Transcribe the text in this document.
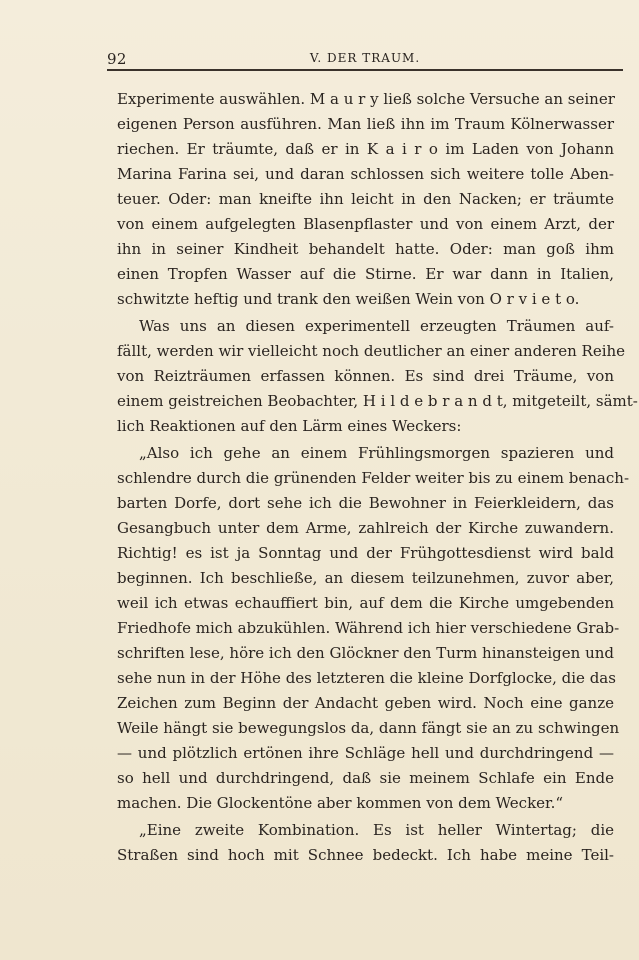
92	V. DER TRAUM.
Experimente auswählen. M a u r y ließ solche Versuche an seiner
eigenen Person ausführen. Man ließ ihn im Traum Kölnerwasser
riechen. Er träumte, daß er in K a i r o im Laden von Johann
Marina Farina sei, und daran schlossen sich weitere tolle Aben-
teuer. Oder: man kneifte ihn leicht in den Nacken; er träumte
von einem aufgelegten Blasenpflaster und von einem Arzt, der
ihn in seiner Kindheit behandelt hatte. Oder: man goß ihm
einen Tropfen Wasser auf die Stirne. Er war dann in Italien,
schwitzte heftig und trank den weißen Wein von O r v i e t o.
Was uns an diesen experimentell erzeugten Träumen auf-
fällt, werden wir vielleicht noch deutlicher an einer anderen Reihe
von Reizträumen erfassen können. Es sind drei Träume, von
einem geistreichen Beobachter, H i l d e b r a n d t, mitgeteilt, sämt-
lich Reaktionen auf den Lärm eines Weckers:
„Also ich gehe an einem Frühlingsmorgen spazieren und
schlendre durch die grünenden Felder weiter bis zu einem benach-
barten Dorfe, dort sehe ich die Bewohner in Feierkleidern, das
Gesangbuch unter dem Arme, zahlreich der Kirche zuwandern.
Richtig! es ist ja Sonntag und der Frühgottesdienst wird bald
beginnen. Ich beschließe, an diesem teilzunehmen, zuvor aber,
weil ich etwas echauffiert bin, auf dem die Kirche umgebenden
Friedhofe mich abzukühlen. Während ich hier verschiedene Grab-
schriften lese, höre ich den Glöckner den Turm hinansteigen und
sehe nun in der Höhe des letzteren die kleine Dorfglocke, die das
Zeichen zum Beginn der Andacht geben wird. Noch eine ganze
Weile hängt sie bewegungslos da, dann fängt sie an zu schwingen
— und plötzlich ertönen ihre Schläge hell und durchdringend —
so hell und durchdringend, daß sie meinem Schlafe ein Ende
machen. Die Glockentöne aber kommen von dem Wecker.“
„Eine zweite Kombination. Es ist heller Wintertag; die
Straßen sind hoch mit Schnee bedeckt. Ich habe meine Teil-
